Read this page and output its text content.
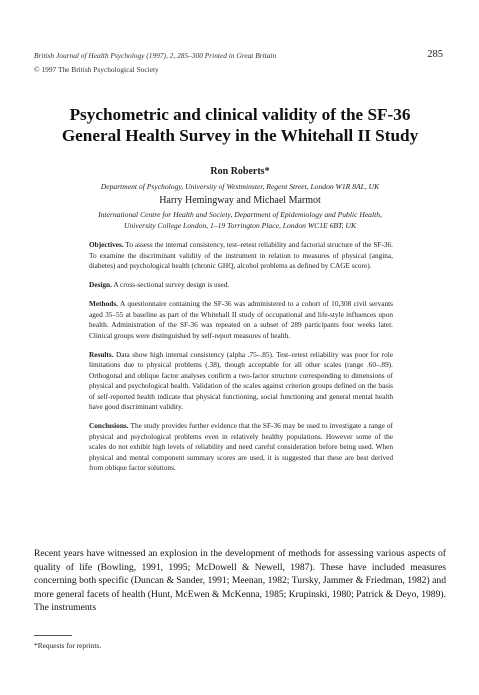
British Journal of Health Psychology (1997), 2, 285–300 Printed in Great Britain
© 1997 The British Psychological Society
285
Psychometric and clinical validity of the SF-36
General Health Survey in the Whitehall II Study

Ron Roberts*

Department of Psychology, University of Westminster, Regent Street, London W1R 8AL, UK

Harry Hemingway and Michael Marmot

International Centre for Health and Society, Department of Epidemiology and Public Health,
University College London, 1–19 Torrington Place, London WC1E 6BT, UK

Objectives. To assess the internal consistency, test–retest reliability and factorial structure of the SF-36. To examine the discriminant validity of the instrument in relation to measures of physical (angina, diabetes) and psychological health (chronic GHQ, alcohol problems as defined by CAGE score).

Design. A cross-sectional survey design is used.

Methods. A questionnaire containing the SF-36 was administered to a cohort of 10,308 civil servants aged 35–55 at baseline as part of the Whitehall II study of occupational and life-style influences upon health. Administration of the SF-36 was repeated on a subset of 289 participants four weeks later. Clinical groups were distinguished by self-report measures of health.

Results. Data show high internal consistency (alpha .75–.85). Test–retest reliability was poor for role limitations due to physical problems (.38), though acceptable for all other scales (range .60–.89). Orthogonal and oblique factor analyses confirm a two-factor structure corresponding to dimensions of physical and psychological health. Validation of the scales against criterion groups defined on the basis of self-reported health indicate that physical functioning, social functioning and general mental health have good discriminant validity.

Conclusions. The study provides further evidence that the SF-36 may be used to investigate a range of physical and psychological problems even in relatively healthy populations. However some of the scales do not exhibit high levels of reliability and need careful consideration before being used. When physical and mental component summary scores are used, it is suggested that these are best derived from oblique factor solutions.

Recent years have witnessed an explosion in the development of methods for assessing various aspects of quality of life (Bowling, 1991, 1995; McDowell & Newell, 1987). These have included measures concerning both specific (Duncan & Sander, 1991; Meenan, 1982; Tursky, Jammer & Friedman, 1982) and more general facets of health (Hunt, McEwen & McKenna, 1985; Krupinski, 1980; Patrick & Deyo, 1989). The instruments

*Requests for reprints.
